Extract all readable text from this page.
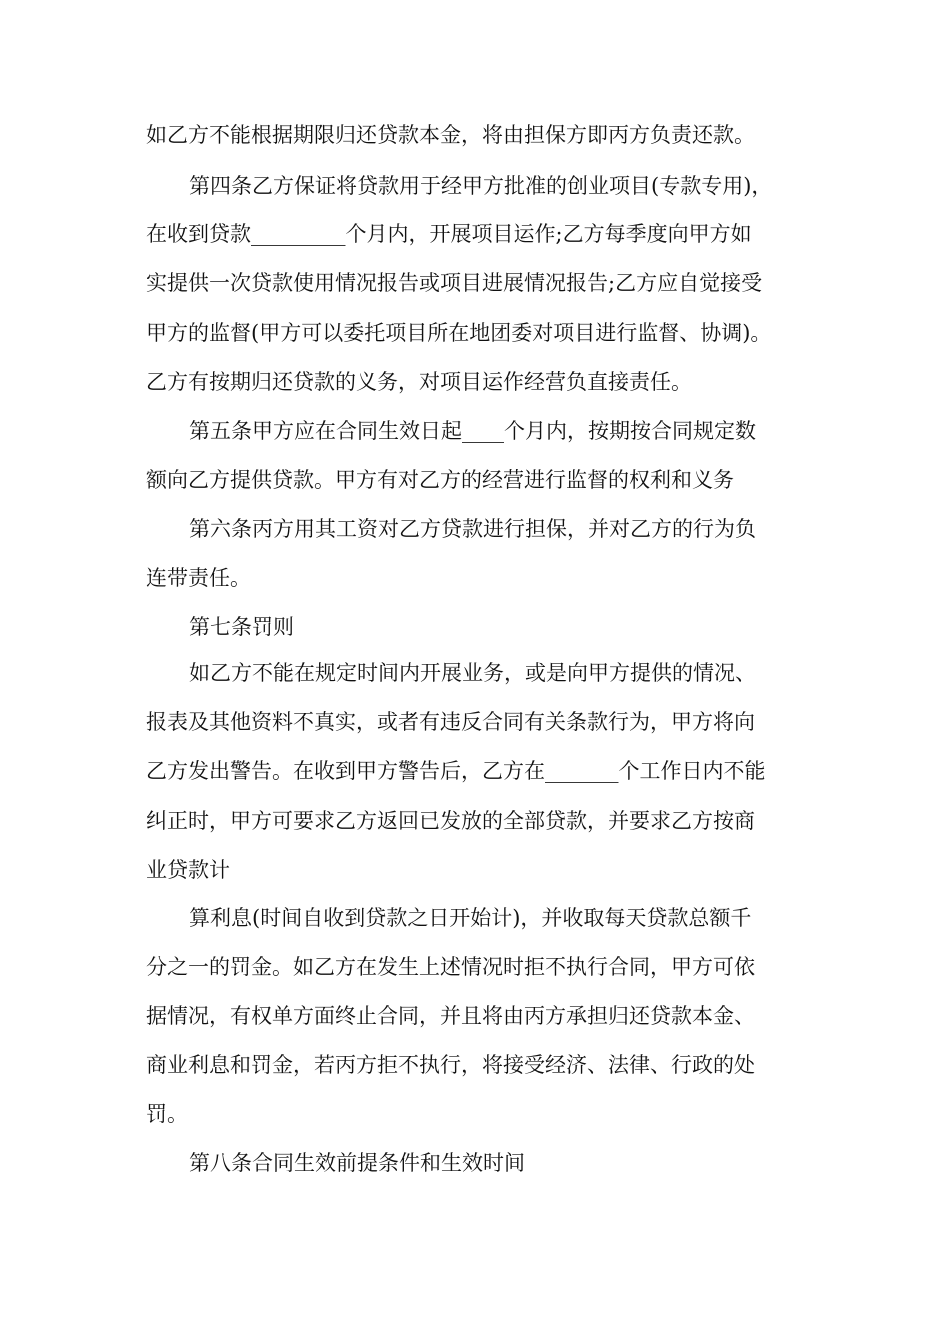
如乙方不能根据期限归还贷款本金，将由担保方即丙方负责还款。

第四条乙方保证将贷款用于经甲方批准的创业项目(专款专用)，

在收到贷款_________个月内，开展项目运作;乙方每季度向甲方如

实提供一次贷款使用情况报告或项目进展情况报告;乙方应自觉接受

甲方的监督(甲方可以委托项目所在地团委对项目进行监督、协调)。

乙方有按期归还贷款的义务，对项目运作经营负直接责任。

第五条甲方应在合同生效日起____个月内，按期按合同规定数

额向乙方提供贷款。甲方有对乙方的经营进行监督的权利和义务

第六条丙方用其工资对乙方贷款进行担保，并对乙方的行为负

连带责任。

第七条罚则

如乙方不能在规定时间内开展业务，或是向甲方提供的情况、

报表及其他资料不真实，或者有违反合同有关条款行为，甲方将向

乙方发出警告。在收到甲方警告后，乙方在_______个工作日内不能

纠正时，甲方可要求乙方返回已发放的全部贷款，并要求乙方按商

业贷款计

算利息(时间自收到贷款之日开始计)，并收取每天贷款总额千

分之一的罚金。如乙方在发生上述情况时拒不执行合同，甲方可依

据情况，有权单方面终止合同，并且将由丙方承担归还贷款本金、

商业利息和罚金，若丙方拒不执行，将接受经济、法律、行政的处

罚。

第八条合同生效前提条件和生效时间
